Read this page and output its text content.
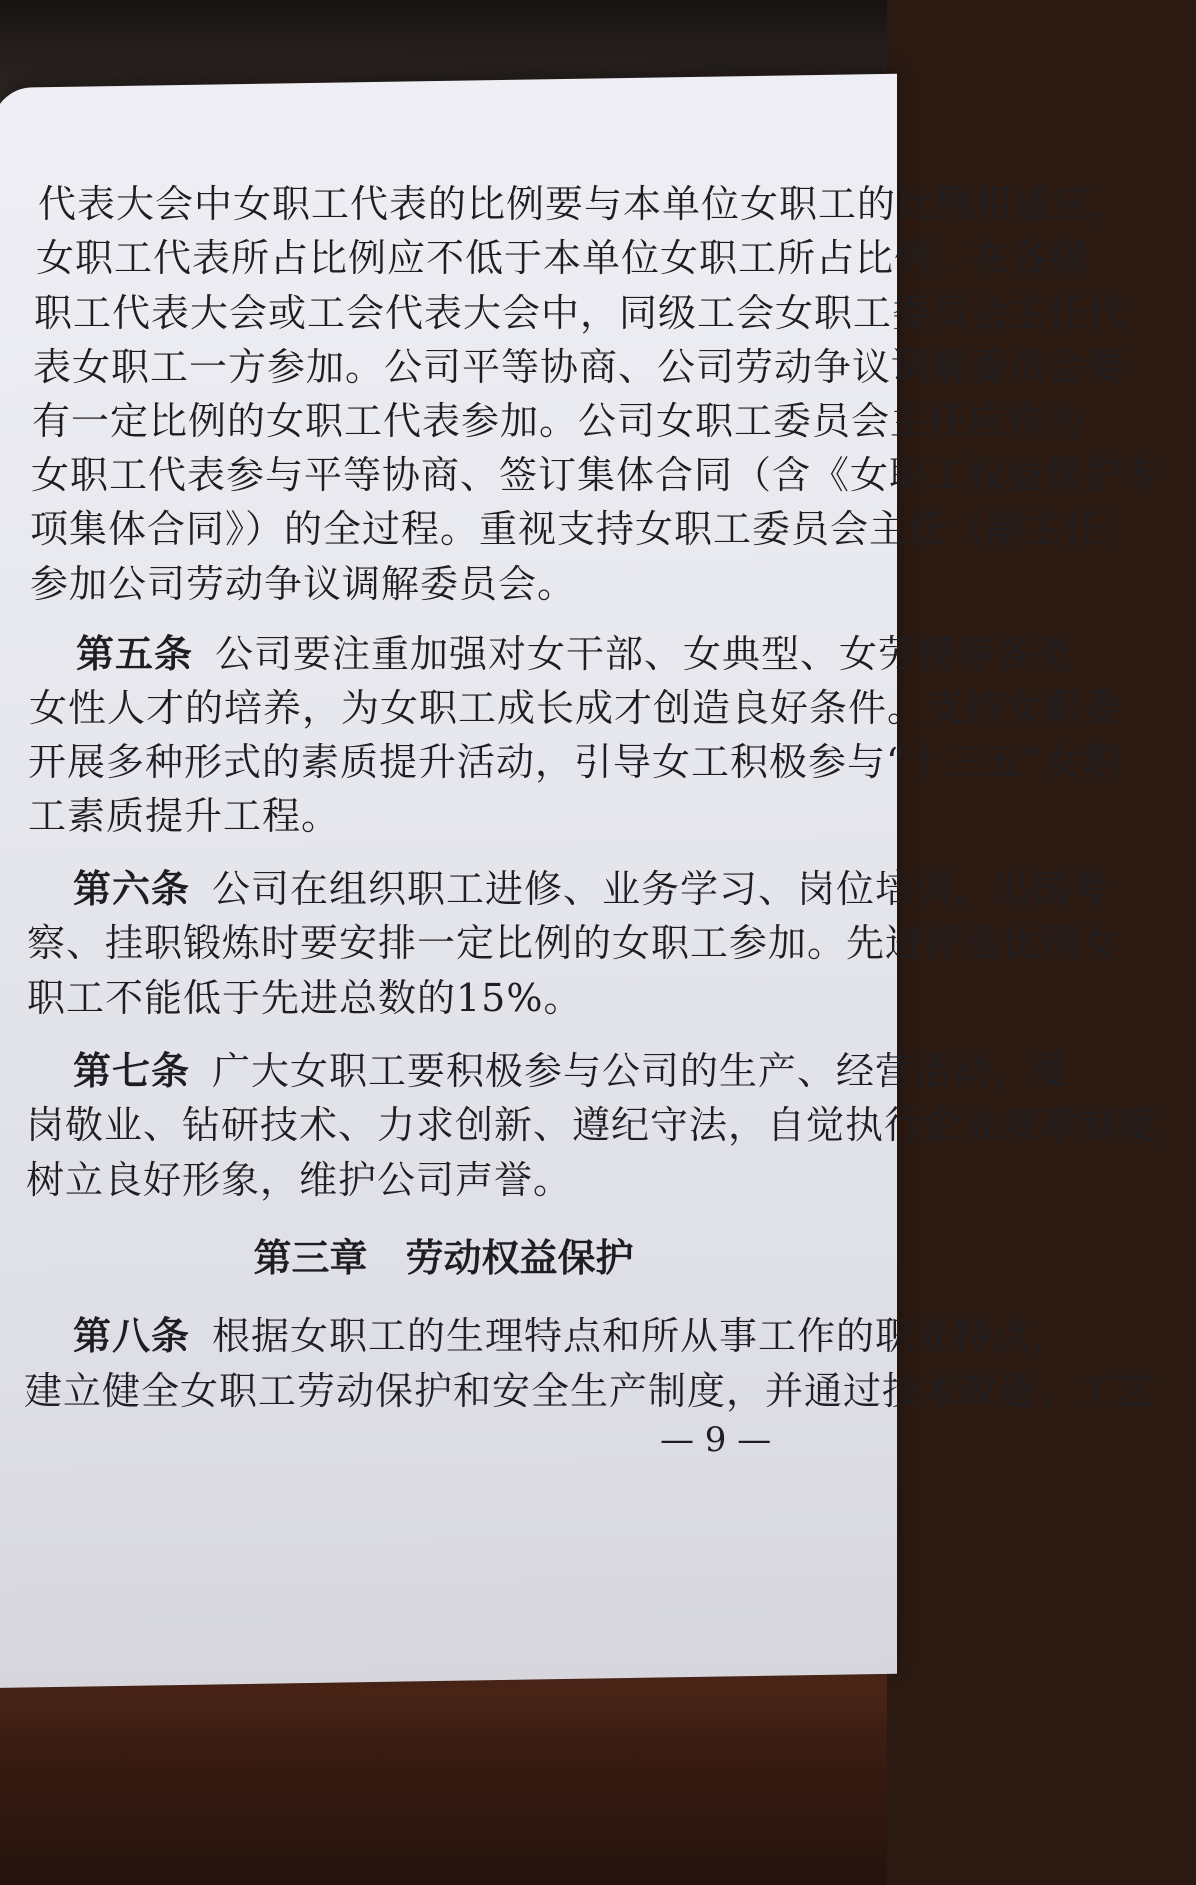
代表大会中女职工代表的比例要与本单位女职工的比例相适应，
女职工代表所占比例应不低于本单位女职工所占比例。在各级
职工代表大会或工会代表大会中，同级工会女职工委员会主任代
表女职工一方参加。公司平等协商、公司劳动争议调解委员会要
有一定比例的女职工代表参加。公司女职工委员会主任应作为
女职工代表参与平等协商、签订集体合同（含《女职工权益保护专
项集体合同》）的全过程。重视支持女职工委员会主任（副主任）
参加公司劳动争议调解委员会。
第五条 公司要注重加强对女干部、女典型、女劳模等各类
女性人才的培养，为女职工成长成才创造良好条件。支持女职委
开展多种形式的素质提升活动，引导女工积极参与“十三五”女职
工素质提升工程。
第六条 公司在组织职工进修、业务学习、岗位培训、出国考
察、挂职锻炼时要安排一定比例的女职工参加。先进评选比例女
职工不能低于先进总数的15%。
第七条 广大女职工要积极参与公司的生产、经营活动，爱
岗敬业、钻研技术、力求创新、遵纪守法，自觉执行企业规章制度，
树立良好形象，维护公司声誉。
第三章　劳动权益保护
第八条 根据女职工的生理特点和所从事工作的职业特点，
建立健全女职工劳动保护和安全生产制度，并通过技术改造、工艺
— 9 —
